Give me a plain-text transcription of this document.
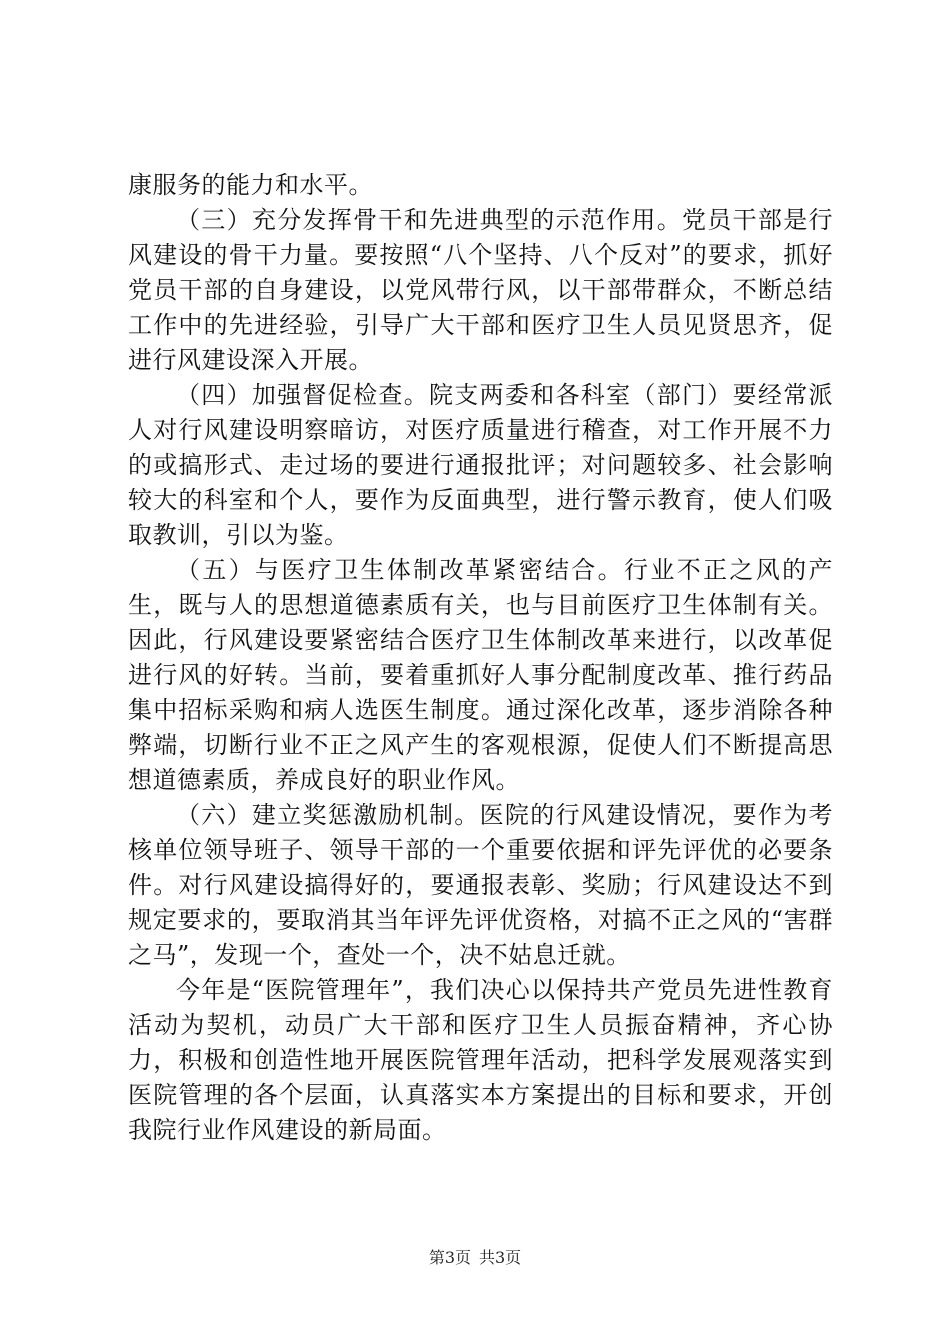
康服务的能力和水平。

（三）充分发挥骨干和先进典型的示范作用。党员干部是行风建设的骨干力量。要按照“八个坚持、八个反对”的要求，抓好党员干部的自身建设，以党风带行风，以干部带群众，不断总结工作中的先进经验，引导广大干部和医疗卫生人员见贤思齐，促进行风建设深入开展。

（四）加强督促检查。院支两委和各科室（部门）要经常派人对行风建设明察暗访，对医疗质量进行稽查，对工作开展不力的或搞形式、走过场的要进行通报批评；对问题较多、社会影响较大的科室和个人，要作为反面典型，进行警示教育，使人们吸取教训，引以为鉴。

（五）与医疗卫生体制改革紧密结合。行业不正之风的产生，既与人的思想道德素质有关，也与目前医疗卫生体制有关。因此，行风建设要紧密结合医疗卫生体制改革来进行，以改革促进行风的好转。当前，要着重抓好人事分配制度改革、推行药品集中招标采购和病人选医生制度。通过深化改革，逐步消除各种弊端，切断行业不正之风产生的客观根源，促使人们不断提高思想道德素质，养成良好的职业作风。

（六）建立奖惩激励机制。医院的行风建设情况，要作为考核单位领导班子、领导干部的一个重要依据和评先评优的必要条件。对行风建设搞得好的，要通报表彰、奖励；行风建设达不到规定要求的，要取消其当年评先评优资格，对搞不正之风的“害群之马”，发现一个，查处一个，决不姑息迁就。

今年是“医院管理年”，我们决心以保持共产党员先进性教育活动为契机，动员广大干部和医疗卫生人员振奋精神，齐心协力，积极和创造性地开展医院管理年活动，把科学发展观落实到医院管理的各个层面，认真落实本方案提出的目标和要求，开创我院行业作风建设的新局面。

第3页 共3页
